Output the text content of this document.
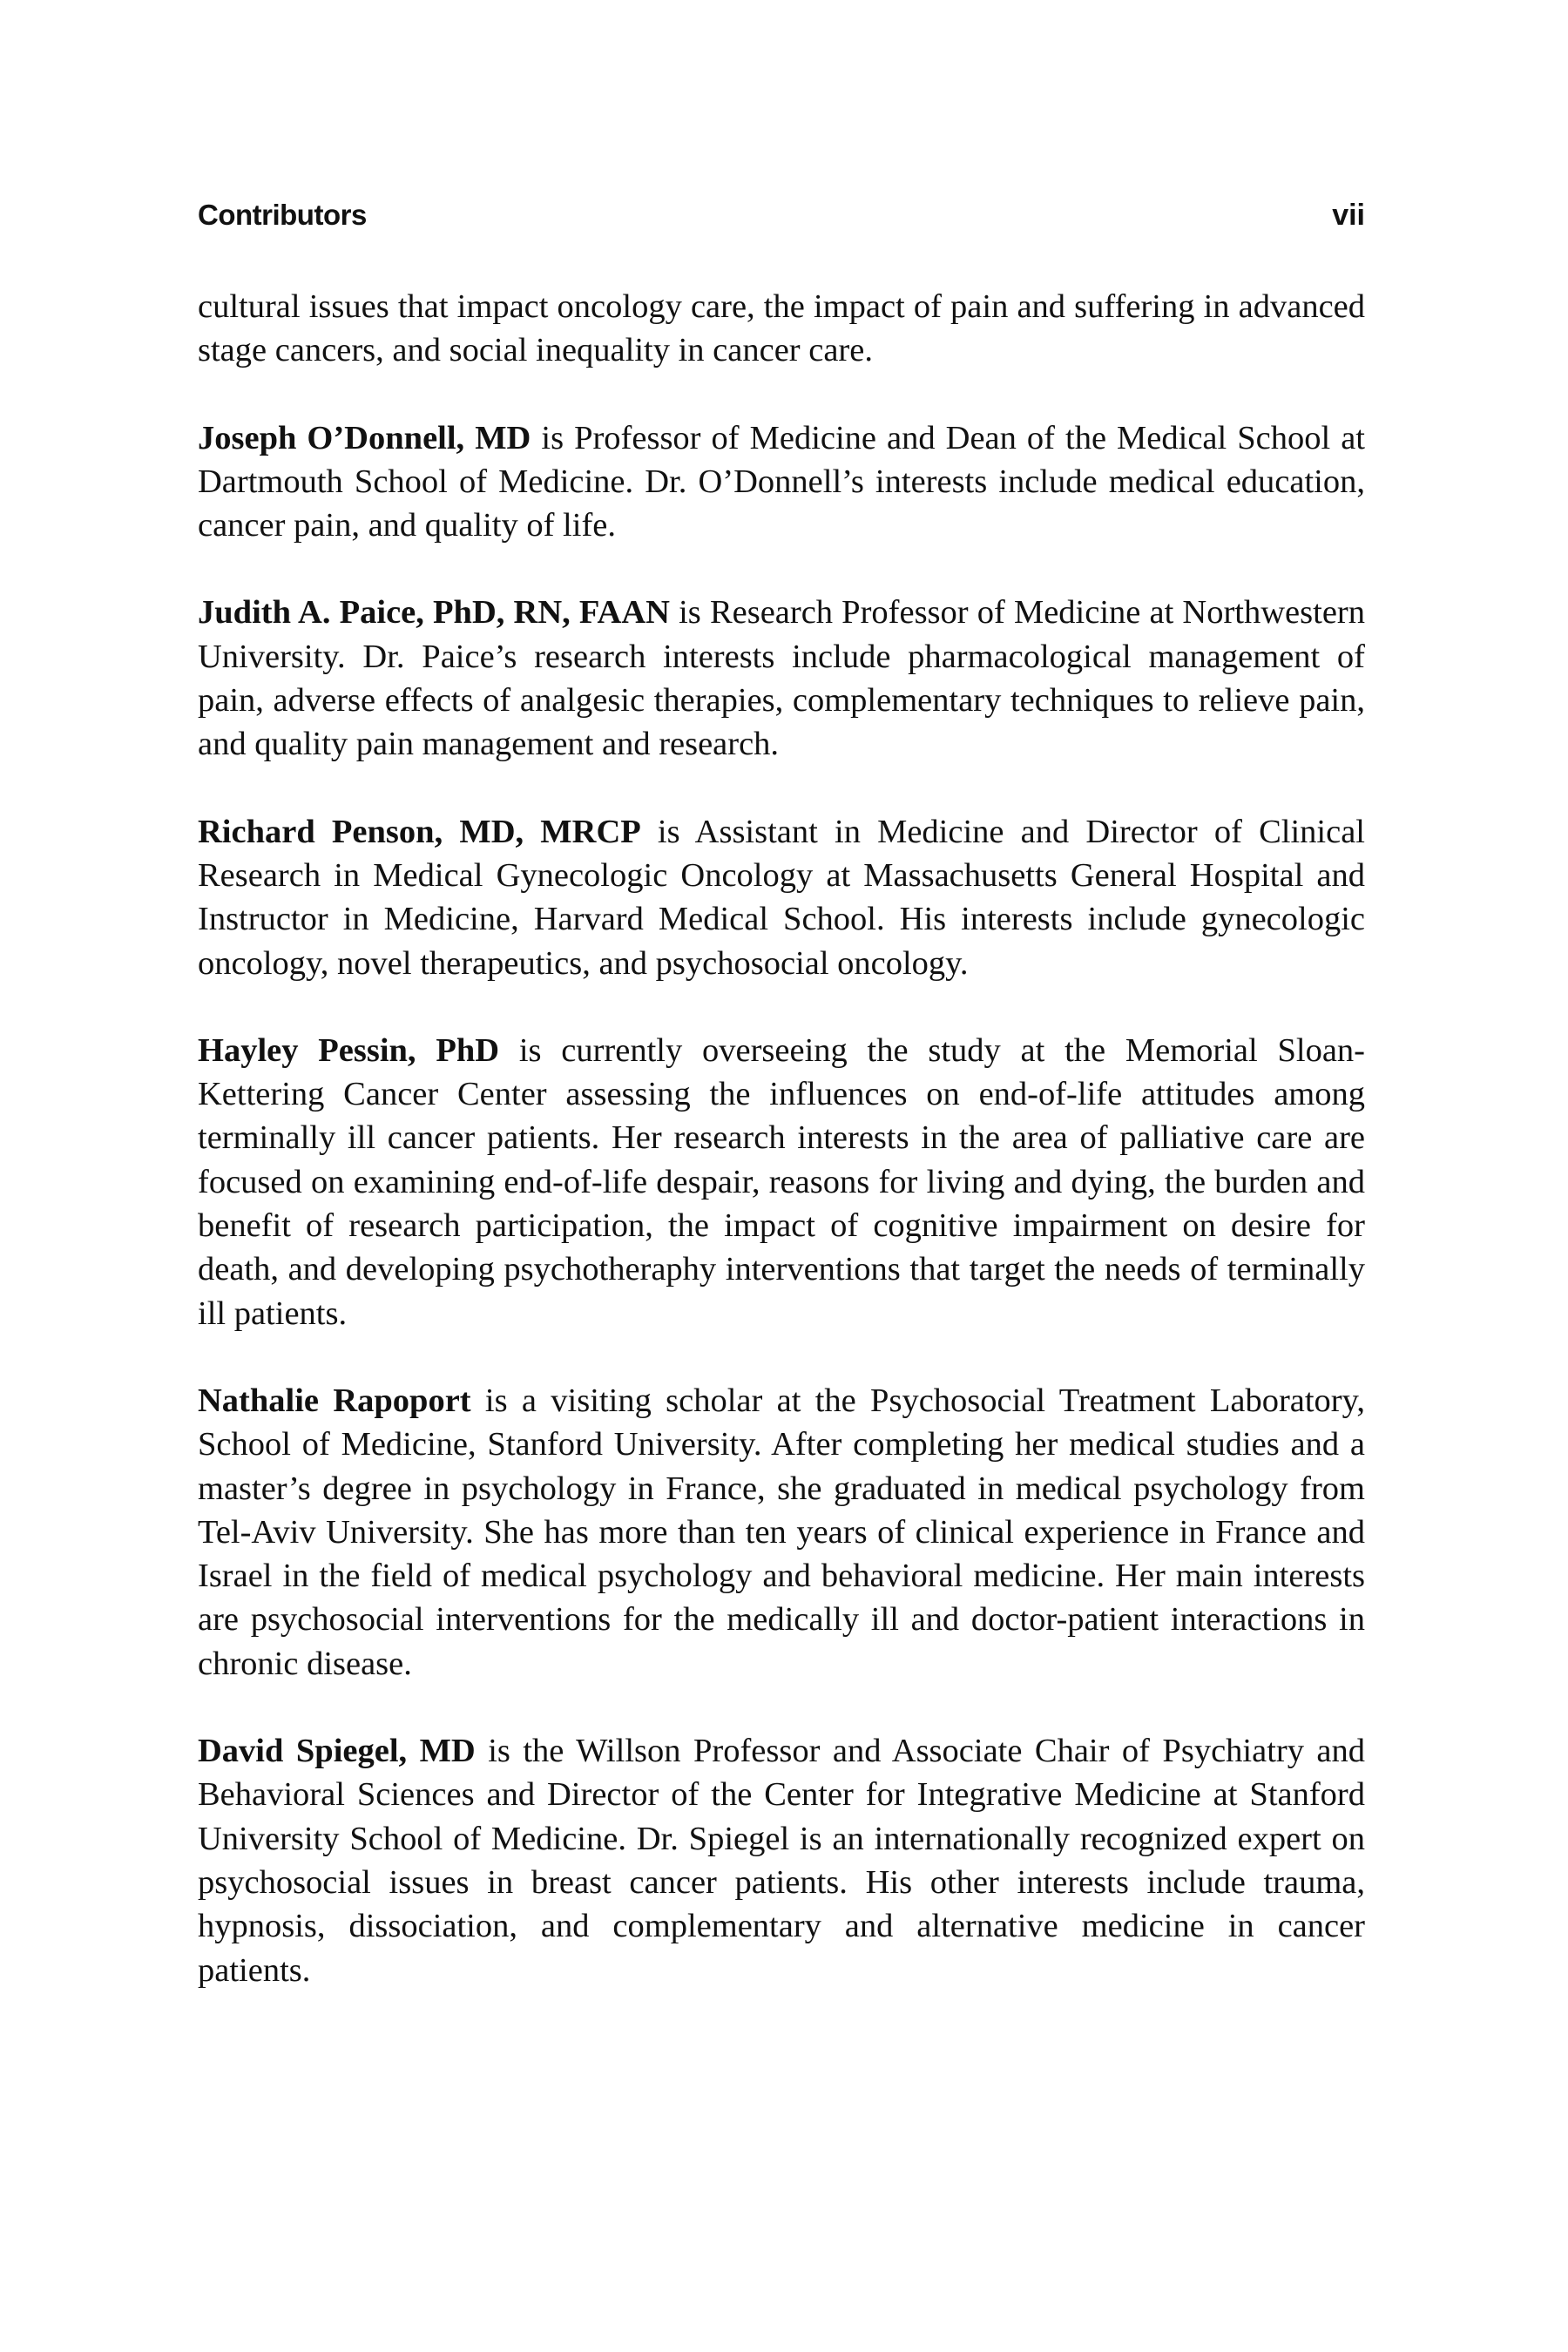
Contributors	vii

cultural issues that impact oncology care, the impact of pain and suffering in advanced stage cancers, and social inequality in cancer care.

Joseph O’Donnell, MD is Professor of Medicine and Dean of the Medical School at Dartmouth School of Medicine. Dr. O’Donnell’s interests include medical education, cancer pain, and quality of life.

Judith A. Paice, PhD, RN, FAAN is Research Professor of Medicine at Northwestern University. Dr. Paice’s research interests include pharmacological management of pain, adverse effects of analgesic therapies, complementary techniques to relieve pain, and quality pain management and research.

Richard Penson, MD, MRCP is Assistant in Medicine and Director of Clinical Research in Medical Gynecologic Oncology at Massachusetts General Hospital and Instructor in Medicine, Harvard Medical School. His interests include gynecologic oncology, novel therapeutics, and psychosocial oncology.

Hayley Pessin, PhD is currently overseeing the study at the Memorial Sloan-Kettering Cancer Center assessing the influences on end-of-life attitudes among terminally ill cancer patients. Her research interests in the area of palliative care are focused on examining end-of-life despair, reasons for living and dying, the burden and benefit of research participation, the impact of cognitive impairment on desire for death, and developing psychotheraphy interventions that target the needs of terminally ill patients.

Nathalie Rapoport is a visiting scholar at the Psychosocial Treatment Laboratory, School of Medicine, Stanford University. After completing her medical studies and a master’s degree in psychology in France, she graduated in medical psychology from Tel-Aviv University. She has more than ten years of clinical experience in France and Israel in the field of medical psychology and behavioral medicine. Her main interests are psychosocial interventions for the medically ill and doctor-patient interactions in chronic disease.

David Spiegel, MD is the Willson Professor and Associate Chair of Psychiatry and Behavioral Sciences and Director of the Center for Integrative Medicine at Stanford University School of Medicine. Dr. Spiegel is an internationally recognized expert on psychosocial issues in breast cancer patients. His other interests include trauma, hypnosis, dissociation, and complementary and alternative medicine in cancer patients.
